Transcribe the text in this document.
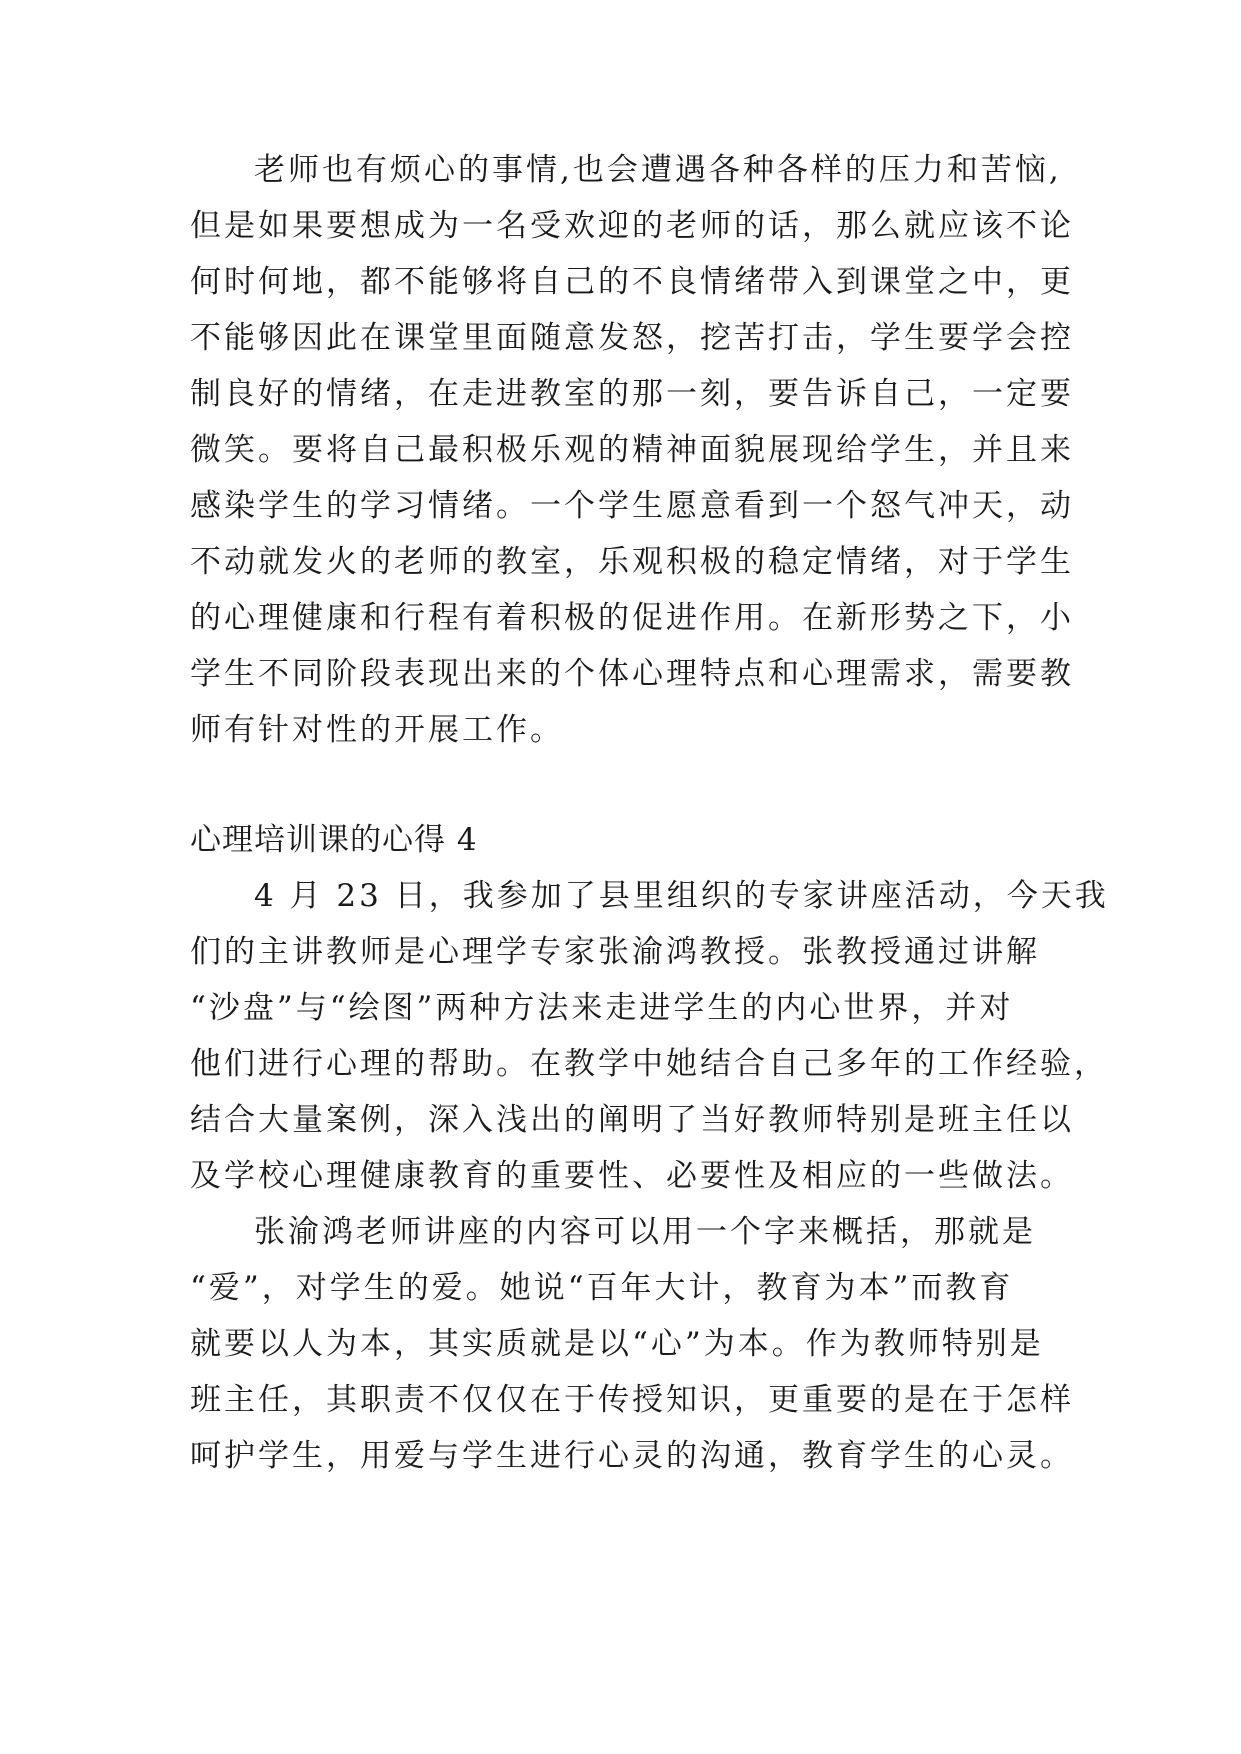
老师也有烦心的事情,也会遭遇各种各样的压力和苦恼,
但是如果要想成为一名受欢迎的老师的话，那么就应该不论
何时何地，都不能够将自己的不良情绪带入到课堂之中，更
不能够因此在课堂里面随意发怒，挖苦打击，学生要学会控
制良好的情绪，在走进教室的那一刻，要告诉自己，一定要
微笑。要将自己最积极乐观的精神面貌展现给学生，并且来
感染学生的学习情绪。一个学生愿意看到一个怒气冲天，动
不动就发火的老师的教室，乐观积极的稳定情绪，对于学生
的心理健康和行程有着积极的促进作用。在新形势之下，小
学生不同阶段表现出来的个体心理特点和心理需求，需要教
师有针对性的开展工作。
心理培训课的心得 4
4 月 23 日，我参加了县里组织的专家讲座活动，今天我
们的主讲教师是心理学专家张渝鸿教授。张教授通过讲解
“沙盘”与“绘图”两种方法来走进学生的内心世界，并对
他们进行心理的帮助。在教学中她结合自己多年的工作经验，
结合大量案例，深入浅出的阐明了当好教师特别是班主任以
及学校心理健康教育的重要性、必要性及相应的一些做法。
张渝鸿老师讲座的内容可以用一个字来概括，那就是
“爱”，对学生的爱。她说“百年大计，教育为本”而教育
就要以人为本，其实质就是以“心”为本。作为教师特别是
班主任，其职责不仅仅在于传授知识，更重要的是在于怎样
呵护学生，用爱与学生进行心灵的沟通，教育学生的心灵。
